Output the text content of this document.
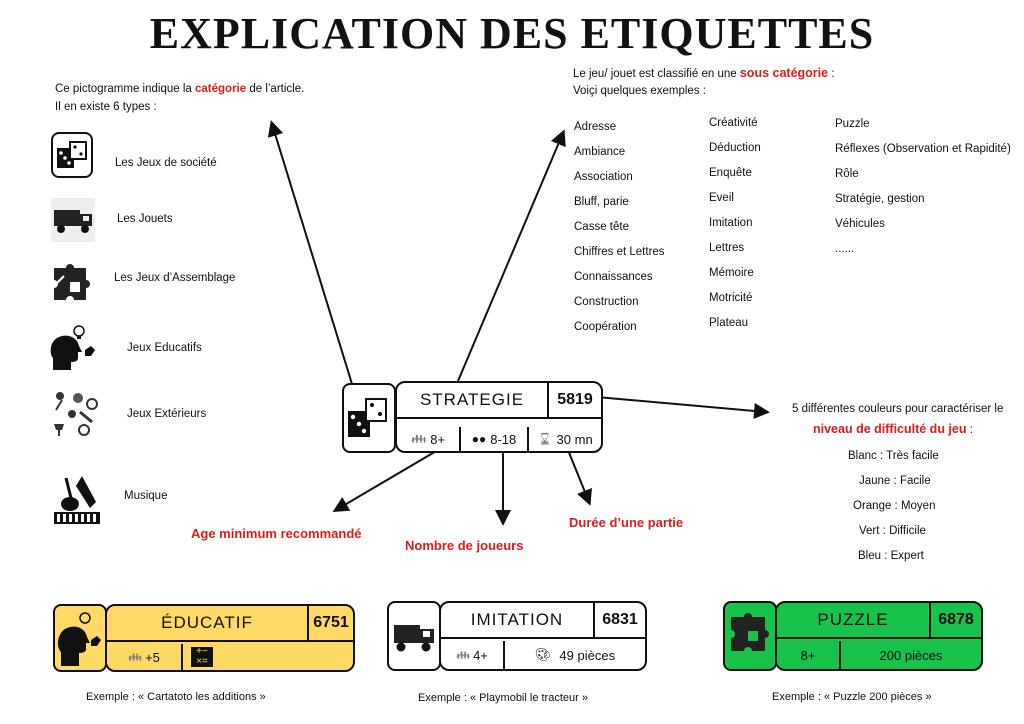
EXPLICATION DES ETIQUETTES
Ce pictogramme indique la catégorie de l’article.
Il en existe 6 types :
Les Jeux de société
Les Jouets
Les Jeux d’Assemblage
Jeux Educatifs
Jeux Extérieurs
Musique
Le jeu/ jouet est classifié en une sous catégorie :
Voiçi quelques exemples :
Adresse
Ambiance
Association
Bluff, parie
Casse tête
Chiffres et Lettres
Connaissances
Construction
Coopération
Créativité
Déduction
Enquête
Eveil
Imitation
Lettres
Mémoire
Motricité
Plateau
Puzzle
Réflexes (Observation et Rapidité)
Rôle
Stratégie, gestion
Véhicules
......
STRATEGIE	5819
👪︎ 8+ ●● 8-18 ⌛ 30 mn
Age minimum recommandé
Nombre de joueurs
Durée d’une partie
5 différentes couleurs pour caractériser le
niveau de difficulté du jeu :
Blanc : Très facile
Jaune : Facile
Orange : Moyen
Vert : Difficile
Bleu : Expert
ÉDUCATIF	6751
👪︎ +5	+−
×=
Exemple : « Cartatoto les additions »
IMITATION	6831
👪︎ 4+	🎨︎ 49 pièces
Exemple : « Playmobil le tracteur »
PUZZLE	6878
8+	200 pièces
Exemple : « Puzzle 200 pièces »
